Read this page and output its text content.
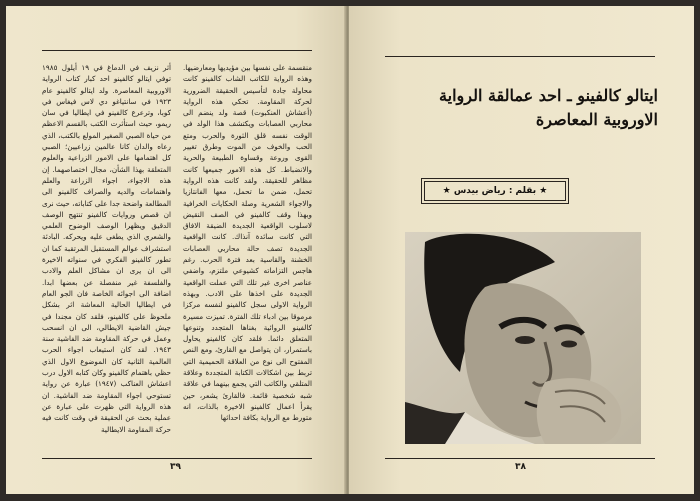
أثر نزيف في الدماغ في ١٩ أيلول ١٩٨٥ توفي ايتالو كالفينو احد كبار كتاب الرواية الاوروبية المعاصرة. ولد ايتالو كالفينو عام ١٩٢٣ في سانتياغو دي لاس فيغاس في كوبا، وترعرع كالفينو في ايطاليا في سان ريمو، حيث استأثرت الكتب بالقسم الاعظم من حياة الصبي الصغير المولع بالكتب، الذي رعاه والدان كانا عالمين زراعيين؛ الصبي كل اهتمامها على الامور الزراعية والعلوم المتعلقة بهذا الشأن، مجال اختصاصهما. إن هذه الاجواء، اجواء الزراعة والعلم واهتمامات والديه والصراف كالفينو الى المطالعة واضحة جدا على كتاباته، حيث نرى ان قصص وروايات كالفينو تنتهج الوصف الدقيق ويظهرا الوصف الوضوح العلمي والشعري الذي يطغى عليه ويحركه. البادئة استشراف عوالم المستقبل المرتقبة كما ان تطور كالفينو الفكري في سنواته الاخيرة الى ان يرى ان مشاكل العلم والادب والفلسفة غير منفصلة عن بعضها ابدا. اضافة الى اجوائه الخاصة فان الجو العام في ايطاليا الحالية المعاشة اثر بشكل ملحوظ على كالفينو، فلقد كان مجندا في جيش القاضية الايطالي، الى ان انسحب وعمل في حركة المقاومة ضد الفاشية سنة ١٩٤٣. لقد كان استيعاب اجواء الحرب العالمية الثانية كان الموضوع الاول الذي حظي باهتمام كالفينو وكان كتابه الاول درب اعشاش العناكب (١٩٤٧) عبارة عن رواية تستوحي اجواء المقاومة ضد الفاشية. ان هذه الرواية التي ظهرت على عبارة عن عملية بحث عن الحقيقة في وقت كانت فيه حركة المقاومة الايطالية
منقسمة على نفسها بين مؤيديها ومعارضيها. وهذه الرواية للكاتب الشاب كالفينو كانت محاولة جادة لتأسيس الحقيقة الضرورية لحركة المقاومة. تحكي هذه الرواية (أعشاش العنكبوت) قصة ولد ينضم الى محاربي العصابات ويكتشف هذا الولد في الوقت نفسه قلق الثورة والحرب ومتع الحب والخوف من الموت وطرق تغيير القوى وروعة وقساوة الطبيعة والحرية والانضباط. كل هذه الامور جميعها كانت مظاهر للحقيقة. ولقد كانت هذه الرواية تحمل، ضمن ما تحمل، معها الفانتازيا والاجواء الشعرية وصلة الحكايات الخرافية وبهذا وقف كالفينو في الصف النقيض لاسلوب الواقعية الجديدة الضيقة الافاق التي كانت سائدة آنذاك. كانت الواقعية الجديدة تصف حالة محاربي العصابات الخشنة والقاسية بعد فترة الحرب. رغم هاجس التزاماته كشيوعي ملتزم، واضفي عناصر اخرى غير تلك التي عملت الواقعية الجديدة على اخذها على الادب. وبهذه الرواية الاولى سجل كالفينو لنفسه مركزا مرموقا بين ادباء تلك الفترة. تميزت مسيرة كالفينو الروائية بغناها المتجدد وتنوعها المتعلق دائما. فلقد كان كالفينو يحاول باستمرار، ان يتواصل مع القارئ، ومع النص المفتوح الى نوع من العلاقة الحميمية التي تربط بين اشكالات الكتابة المتجددة وعلاقة المتلقي والكاتب التي يجمع بينهما في علاقة شبه شخصية قائمة. فالقارئ يشعر، حين يقرأ اعمال كالفينو الاخيرة بالذات، انه متورط مع الرواية بكافة احداثها
٣٩
ايتالو كالفينو ـ احد عمالقة الرواية الاوروبية المعاصرة
★ بقلم : رياض بيدس ★
٣٨
